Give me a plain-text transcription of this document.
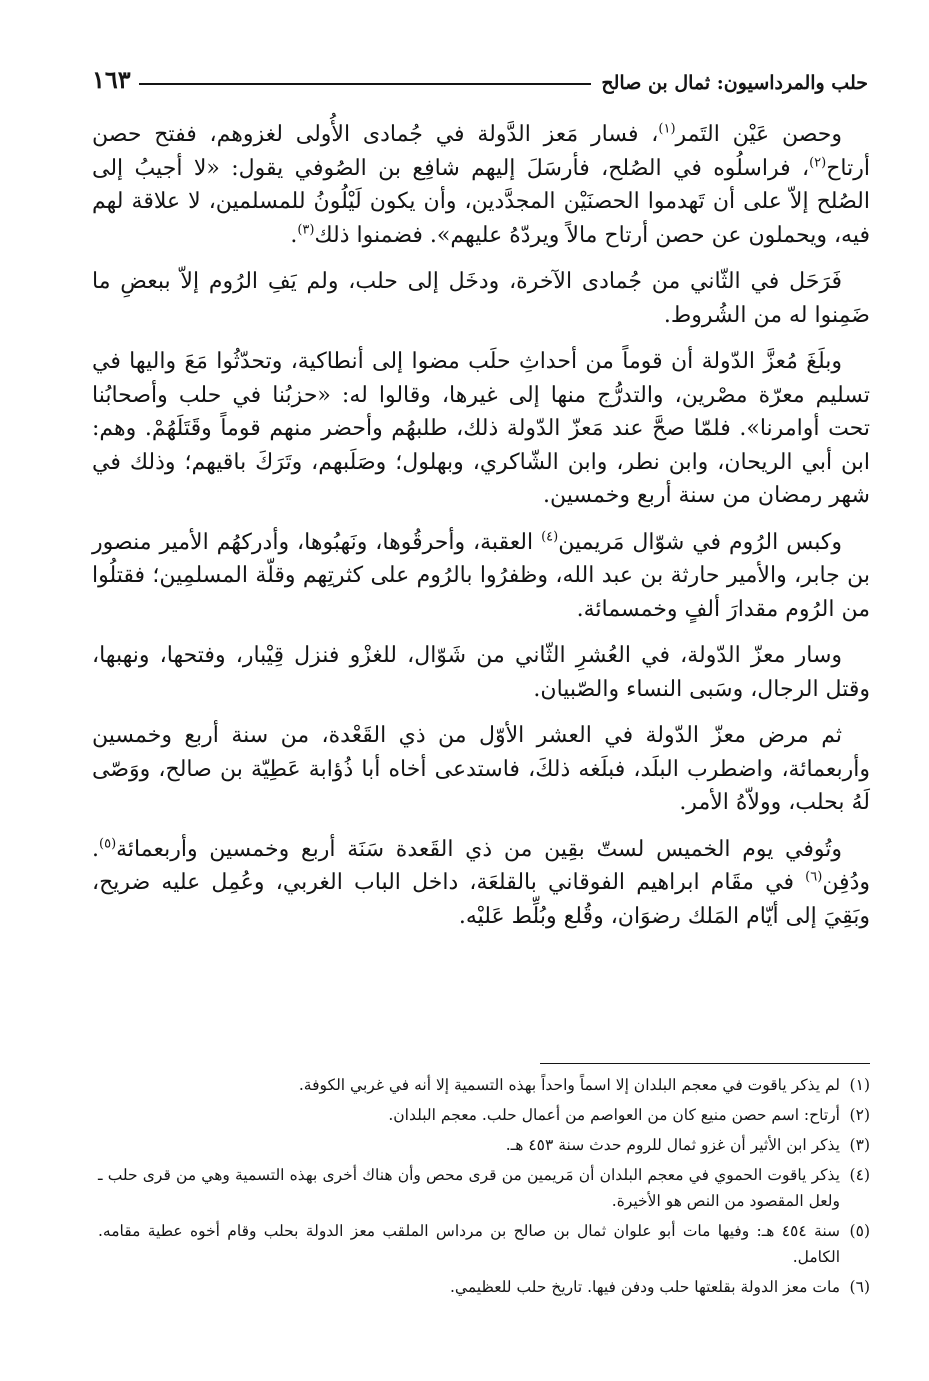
حلب والمرداسيون: ثمال بن صالح
١٦٣

وحصن عَيْن التَمر$^{(١)}$، فسار مَعز الدَّولة في جُمادى الأُولى لغزوهم، ففتح حصن أرتاح$^{(٢)}$، فراسلُوه في الصُلح، فأرسَلَ إليهم شافِع بن الصُوفي يقول: «لا أجيبُ إلى الصُلح إلاّ على أن تَهدموا الحصنَيْن المجدَّدين، وأن يكون لَيْلُونُ للمسلمين، لا علاقة لهم فيه، ويحملون عن حصن أرتاح مالاً ويردّهُ عليهم». فضمنوا ذلك$^{(٣)}$.

فَرَحَل في الثّاني من جُمادى الآخرة، ودخَل إلى حلب، ولم يَفِ الرُوم إلاّ ببعضِ ما ضَمِنوا له من الشُروط.

وبلَغَ مُعزَّ الدّولة أن قوماً من أحداثِ حلَب مضوا إلى أنطاكية، وتحدّثُوا مَعَ واليها في تسليم معرّة مصْرين، والتدرُّج منها إلى غيرها، وقالوا له: «حزبُنا في حلب وأصحابُنا تحت أوامرنا». فلمّا صحَّ عند مَعزّ الدّولة ذلك، طلبهُم وأحضر منهم قوماً وقَتَلَهُمْ. وهم: ابن أبي الريحان، وابن نطر، وابن الشّاكري، وبهلول؛ وصَلَبهم، وتَرَكَ باقيهم؛ وذلك في شهر رمضان من سنة أربع وخمسين.

وكبس الرُوم في شوّال مَريمين$^{(٤)}$ العقبة، وأحرقُوها، ونَهبُوها، وأدركهُم الأمير منصور بن جابر، والأمير حارثة بن عبد الله، وظفرُوا بالرُوم على كثرتِهم وقلّة المسلمِين؛ فقتلُوا من الرُوم مقدارَ ألفٍ وخمسمائة.

وسار معزّ الدّولة، في العُشرِ الثّاني من شَوّال، للغزْو فنزل قِيْبار، وفتحها، ونهبها، وقتل الرجال، وسَبى النساء والصّبيان.

ثم مرض معزّ الدّولة في العشر الأوّل من ذي القَعْدة، من سنة أربع وخمسين وأربعمائة، واضطرب البلَد، فبلَغه ذلكَ، فاستدعى أخاه أبا ذُؤابة عَطِيّة بن صالح، ووَصّى لَهُ بحلب، وولاّهُ الأمر.

وتُوفي يوم الخميس لستّ بقِين من ذي القَعدة سَنَة أربع وخمسين وأربعمائة$^{(٥)}$. ودُفِن$^{(٦)}$ في مقَام ابراهيم الفوقاني بالقلعَة، داخل الباب الغربي، وعُمِل عليه ضريح، وبَقِيَ إلى أيّام المَلك رضوَان، وقُلع وبُلِّط عَليْه.

(١)
لم يذكر ياقوت في معجم البلدان إلا اسماً واحداً بهذه التسمية إلا أنه في غربي الكوفة.
(٢)
أرتاح: اسم حصن منيع كان من العواصم من أعمال حلب. معجم البلدان.
(٣)
يذكر ابن الأثير أن غزو ثمال للروم حدث سنة ٤٥٣ هـ.
(٤)
يذكر ياقوت الحموي في معجم البلدان أن مَريمين من قرى محص وأن هناك أخرى بهذه التسمية وهي من قرى حلب ـ ولعل المقصود من النص هو الأخيرة.
(٥)
سنة ٤٥٤ هـ: وفيها مات أبو علوان ثمال بن صالح بن مرداس الملقب معز الدولة بحلب وقام أخوه عطية مقامه. الكامل.
(٦)
مات معز الدولة بقلعتها حلب ودفن فيها. تاريخ حلب للعظيمي.
